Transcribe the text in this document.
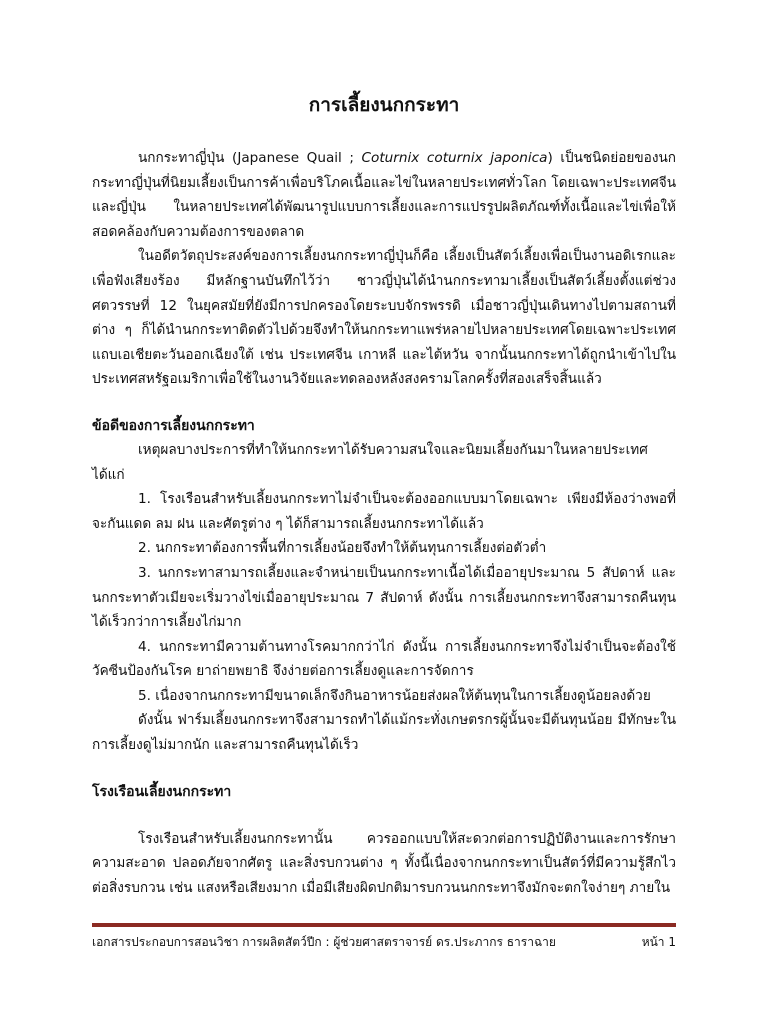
การเลี้ยงนกกระทา

นกกระทาญี่ปุ่น (Japanese Quail ; Coturnix coturnix japonica) เป็นชนิดย่อยของนกกระทาญี่ปุ่นที่นิยมเลี้ยงเป็นการค้าเพื่อบริโภคเนื้อและไข่ในหลายประเทศทั่วโลก โดยเฉพาะประเทศจีนและญี่ปุ่น ในหลายประเทศได้พัฒนารูปแบบการเลี้ยงและการแปรรูปผลิตภัณฑ์ทั้งเนื้อและไข่เพื่อให้สอดคล้องกับความต้องการของตลาด

ในอดีตวัตถุประสงค์ของการเลี้ยงนกกระทาญี่ปุ่นก็คือ เลี้ยงเป็นสัตว์เลี้ยงเพื่อเป็นงานอดิเรกและเพื่อฟังเสียงร้อง มีหลักฐานบันทึกไว้ว่า ชาวญี่ปุ่นได้นำนกกระทามาเลี้ยงเป็นสัตว์เลี้ยงตั้งแต่ช่วงศตวรรษที่ 12 ในยุคสมัยที่ยังมีการปกครองโดยระบบจักรพรรดิ เมื่อชาวญี่ปุ่นเดินทางไปตามสถานที่ต่าง ๆ ก็ได้นำนกกระทาติดตัวไปด้วยจึงทำให้นกกระทาแพร่หลายไปหลายประเทศโดยเฉพาะประเทศแถบเอเชียตะวันออกเฉียงใต้ เช่น ประเทศจีน เกาหลี และไต้หวัน จากนั้นนกกระทาได้ถูกนำเข้าไปในประเทศสหรัฐอเมริกาเพื่อใช้ในงานวิจัยและทดลองหลังสงครามโลกครั้งที่สองเสร็จสิ้นแล้ว

ข้อดีของการเลี้ยงนกกระทา

เหตุผลบางประการที่ทำให้นกกระทาได้รับความสนใจและนิยมเลี้ยงกันมาในหลายประเทศได้แก่

1. โรงเรือนสำหรับเลี้ยงนกกระทาไม่จำเป็นจะต้องออกแบบมาโดยเฉพาะ เพียงมีห้องว่างพอที่จะกันแดด ลม ฝน และศัตรูต่าง ๆ ได้ก็สามารถเลี้ยงนกกระทาได้แล้ว

2. นกกระทาต้องการพื้นที่การเลี้ยงน้อยจึงทำให้ต้นทุนการเลี้ยงต่อตัวต่ำ

3. นกกระทาสามารถเลี้ยงและจำหน่ายเป็นนกกระทาเนื้อได้เมื่ออายุประมาณ 5 สัปดาห์ และนกกระทาตัวเมียจะเริ่มวางไข่เมื่ออายุประมาณ 7 สัปดาห์ ดังนั้น การเลี้ยงนกกระทาจึงสามารถคืนทุนได้เร็วกว่าการเลี้ยงไก่มาก

4. นกกระทามีความต้านทางโรคมากกว่าไก่ ดังนั้น การเลี้ยงนกกระทาจึงไม่จำเป็นจะต้องใช้วัคซีนป้องกันโรค ยาถ่ายพยาธิ จึงง่ายต่อการเลี้ยงดูและการจัดการ

5. เนื่องจากนกกระทามีขนาดเล็กจึงกินอาหารน้อยส่งผลให้ต้นทุนในการเลี้ยงดูน้อยลงด้วย

ดังนั้น ฟาร์มเลี้ยงนกกระทาจึงสามารถทำได้แม้กระทั่งเกษตรกรผู้นั้นจะมีต้นทุนน้อย มีทักษะในการเลี้ยงดูไม่มากนัก และสามารถคืนทุนได้เร็ว

โรงเรือนเลี้ยงนกกระทา

โรงเรือนสำหรับเลี้ยงนกกระทานั้น ควรออกแบบให้สะดวกต่อการปฏิบัติงานและการรักษาความสะอาด ปลอดภัยจากศัตรู และสิ่งรบกวนต่าง ๆ ทั้งนี้เนื่องจากนกกระทาเป็นสัตว์ที่มีความรู้สึกไวต่อสิ่งรบกวน เช่น แสงหรือเสียงมาก เมื่อมีเสียงผิดปกติมารบกวนนกกระทาจึงมักจะตกใจง่ายๆ ภายใน

เอกสารประกอบการสอนวิชา การผลิตสัตว์ปีก : ผู้ช่วยศาสตราจารย์ ดร.ประภากร ธาราฉาย	หน้า 1
